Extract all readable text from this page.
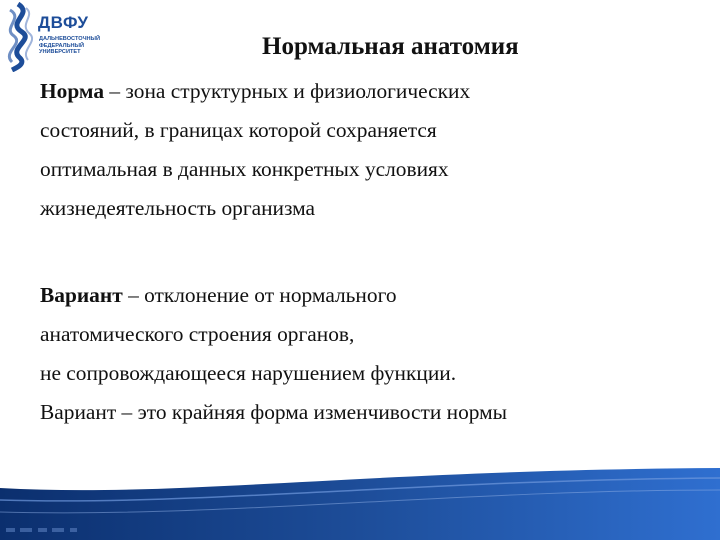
ДВФУ
ДАЛЬНЕВОСТОЧНЫЙ
ФЕДЕРАЛЬНЫЙ
УНИВЕРСИТЕТ	Нормальная анатомия

Норма – зона структурных и физиологических
состояний, в границах которой сохраняется
оптимальная в данных конкретных условиях
жизнедеятельность организма

Вариант – отклонение от нормального
анатомического строения органов,
не сопровождающееся нарушением функции.
Вариант – это крайняя форма изменчивости нормы
